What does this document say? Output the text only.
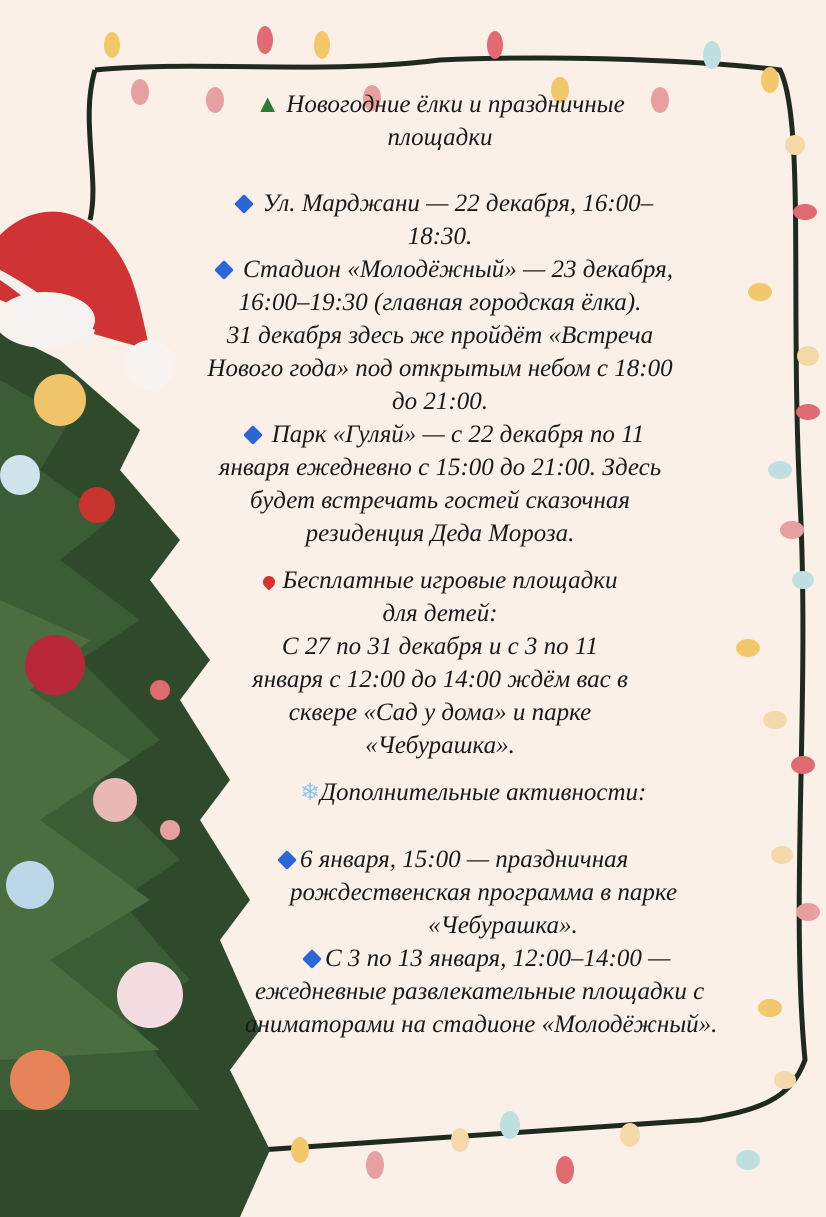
▲ Новогодние ёлки и праздничные
площадки
Ул. Марджани — 22 декабря, 16:00–
18:30.
Стадион «Молодёжный» — 23 декабря,
16:00–19:30 (главная городская ёлка).
31 декабря здесь же пройдёт «Встреча
Нового года» под открытым небом с 18:00
до 21:00.
Парк «Гуляй» — с 22 декабря по 11
января ежедневно с 15:00 до 21:00. Здесь
будет встречать гостей сказочная
резиденция Деда Мороза.
Бесплатные игровые площадки
для детей:
С 27 по 31 декабря и с 3 по 11
января с 12:00 до 14:00 ждём вас в
сквере «Сад у дома» и парке
«Чебурашка».
❄Дополнительные активности:
6 января, 15:00 — праздничная
рождественская программа в парке
«Чебурашка».
С 3 по 13 января, 12:00–14:00 —
ежедневные развлекательные площадки с
аниматорами на стадионе «Молодёжный».
